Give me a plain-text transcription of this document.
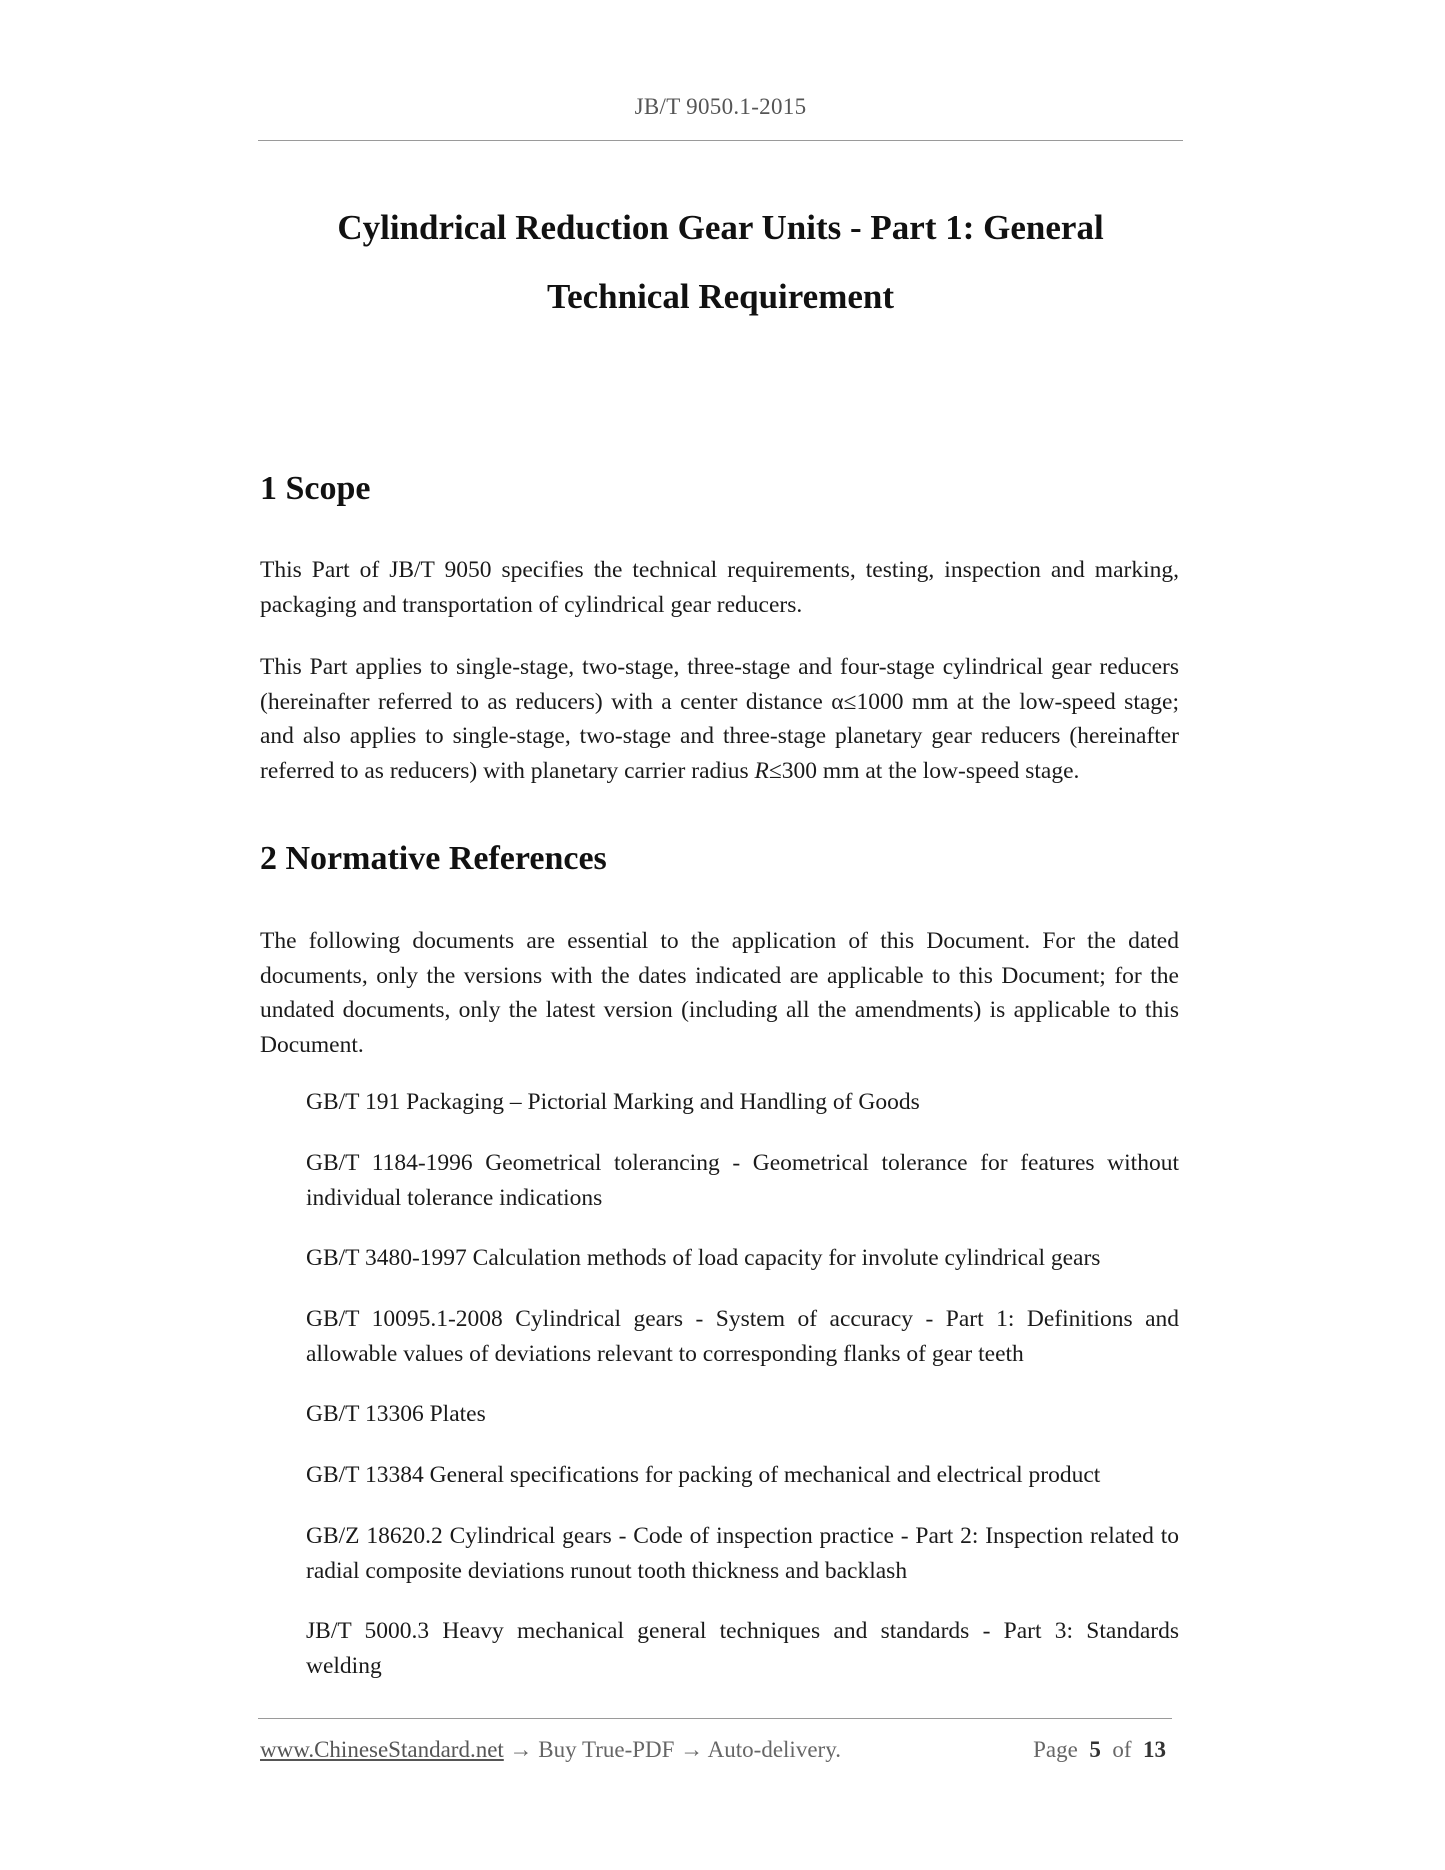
JB/T 9050.1-2015
Cylindrical Reduction Gear Units - Part 1: General
Technical Requirement
1 Scope

This Part of JB/T 9050 specifies the technical requirements, testing, inspection and marking, packaging and transportation of cylindrical gear reducers.

This Part applies to single-stage, two-stage, three-stage and four-stage cylindrical gear reducers (hereinafter referred to as reducers) with a center distance α≤1000 mm at the low-speed stage; and also applies to single-stage, two-stage and three-stage planetary gear reducers (hereinafter referred to as reducers) with planetary carrier radius R≤300 mm at the low-speed stage.

2 Normative References

The following documents are essential to the application of this Document. For the dated documents, only the versions with the dates indicated are applicable to this Document; for the undated documents, only the latest version (including all the amendments) is applicable to this Document.

GB/T 191 Packaging – Pictorial Marking and Handling of Goods

GB/T 1184-1996 Geometrical tolerancing - Geometrical tolerance for features without individual tolerance indications

GB/T 3480-1997 Calculation methods of load capacity for involute cylindrical gears

GB/T 10095.1-2008 Cylindrical gears - System of accuracy - Part 1: Definitions and allowable values of deviations relevant to corresponding flanks of gear teeth

GB/T 13306 Plates

GB/T 13384 General specifications for packing of mechanical and electrical product

GB/Z 18620.2 Cylindrical gears - Code of inspection practice - Part 2: Inspection related to radial composite deviations runout tooth thickness and backlash

JB/T 5000.3 Heavy mechanical general techniques and standards - Part 3: Standards welding

www.ChineseStandard.net → Buy True-PDF → Auto-delivery.	Page 5 of 13
